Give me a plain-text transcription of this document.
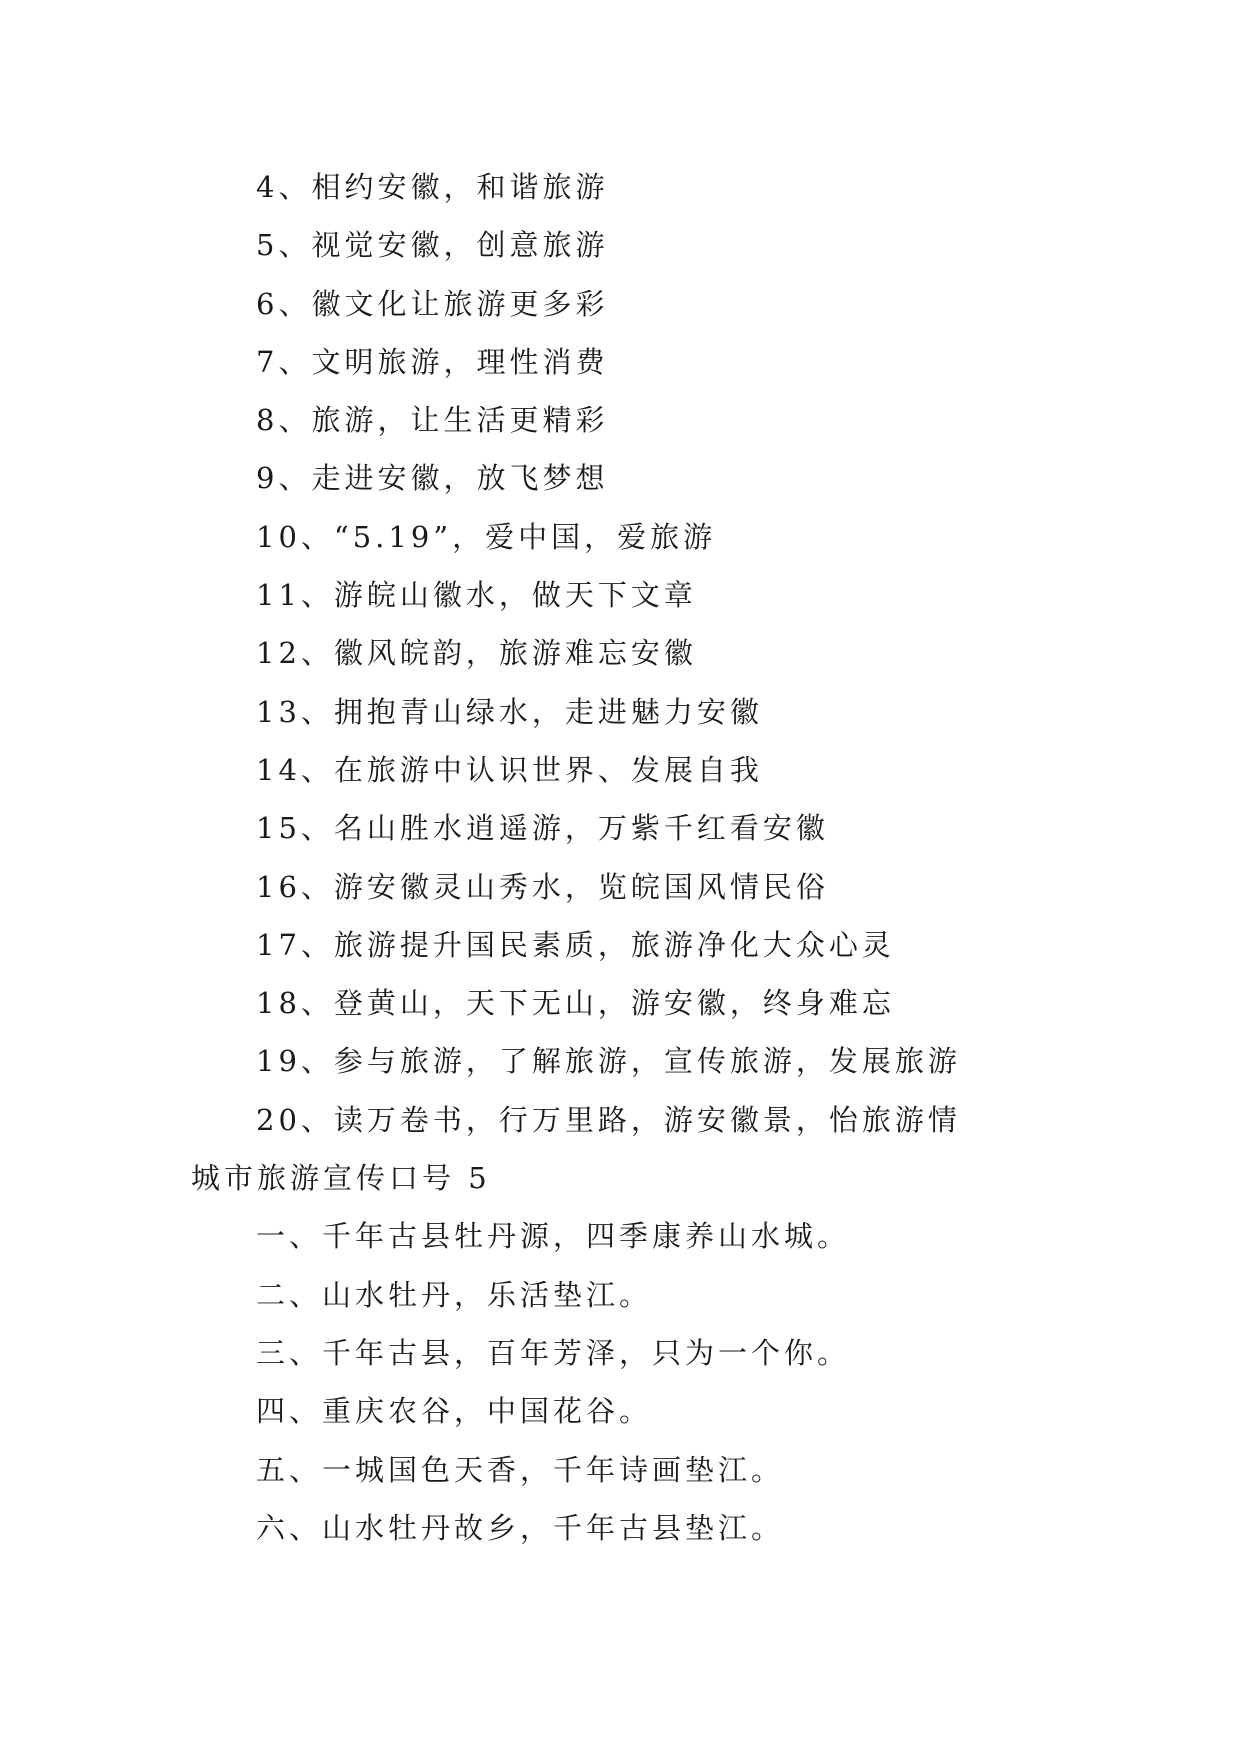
4、相约安徽，和谐旅游
5、视觉安徽，创意旅游
6、徽文化让旅游更多彩
7、文明旅游，理性消费
8、旅游，让生活更精彩
9、走进安徽，放飞梦想
10、“5.19”，爱中国，爱旅游
11、游皖山徽水，做天下文章
12、徽风皖韵，旅游难忘安徽
13、拥抱青山绿水，走进魅力安徽
14、在旅游中认识世界、发展自我
15、名山胜水逍遥游，万紫千红看安徽
16、游安徽灵山秀水，览皖国风情民俗
17、旅游提升国民素质，旅游净化大众心灵
18、登黄山，天下无山，游安徽，终身难忘
19、参与旅游，了解旅游，宣传旅游，发展旅游
20、读万卷书，行万里路，游安徽景，怡旅游情
城市旅游宣传口号 5
一、千年古县牡丹源，四季康养山水城。
二、山水牡丹，乐活垫江。
三、千年古县，百年芳泽，只为一个你。
四、重庆农谷，中国花谷。
五、一城国色天香，千年诗画垫江。
六、山水牡丹故乡，千年古县垫江。
